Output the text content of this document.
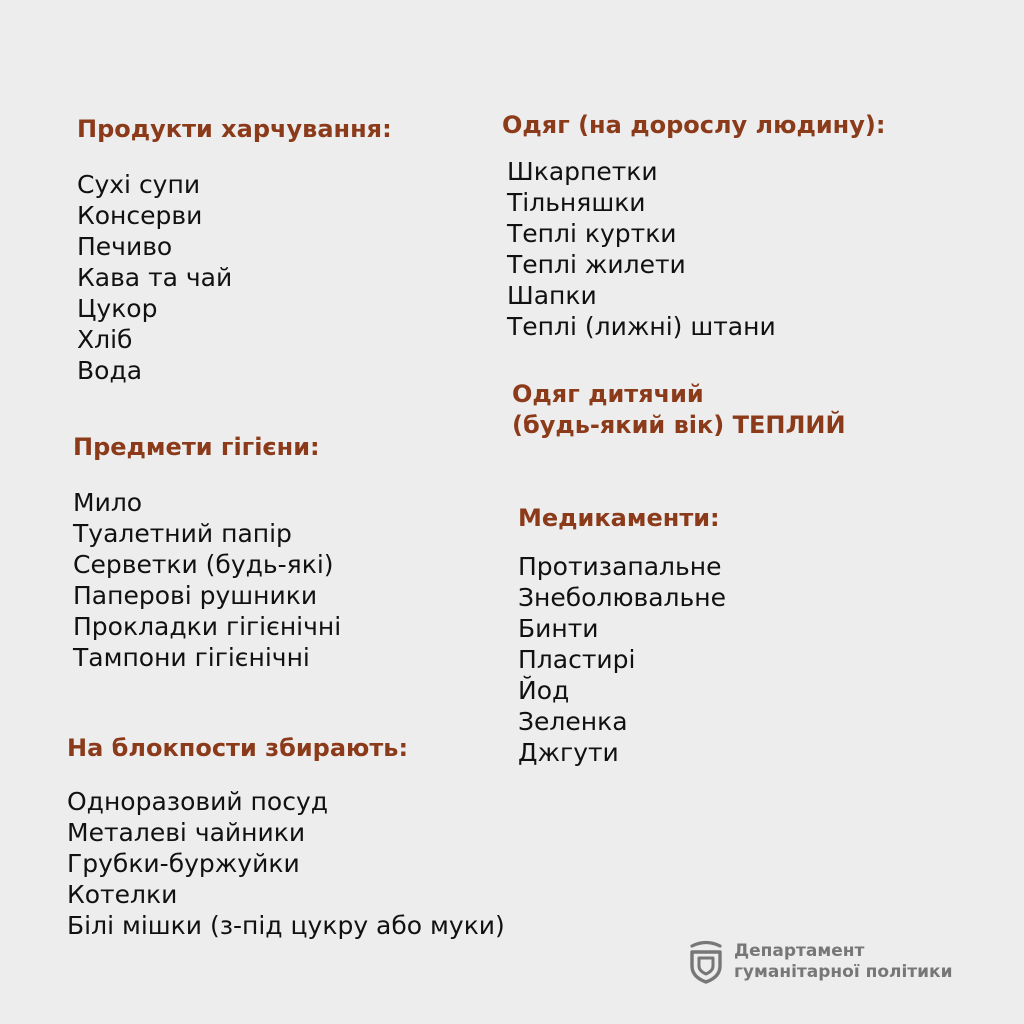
Продукти харчування:
Сухі супи
Консерви
Печиво
Кава та чай
Цукор
Хліб
Вода
Предмети гігієни:
Мило
Туалетний папір
Серветки (будь-які)
Паперові рушники
Прокладки гігієнічні
Тампони гігієнічні
На блокпости збирають:
Одноразовий посуд
Металеві чайники
Грубки-буржуйки
Котелки
Білі мішки (з-під цукру або муки)
Одяг (на дорослу людину):
Шкарпетки
Тільняшки
Теплі куртки
Теплі жилети
Шапки
Теплі (лижні) штани
Одяг дитячий
(будь-який вік) ТЕПЛИЙ
Медикаменти:
Протизапальне
Знеболювальне
Бинти
Пластирі
Йод
Зеленка
Джгути
Департамент
гуманітарної політики
